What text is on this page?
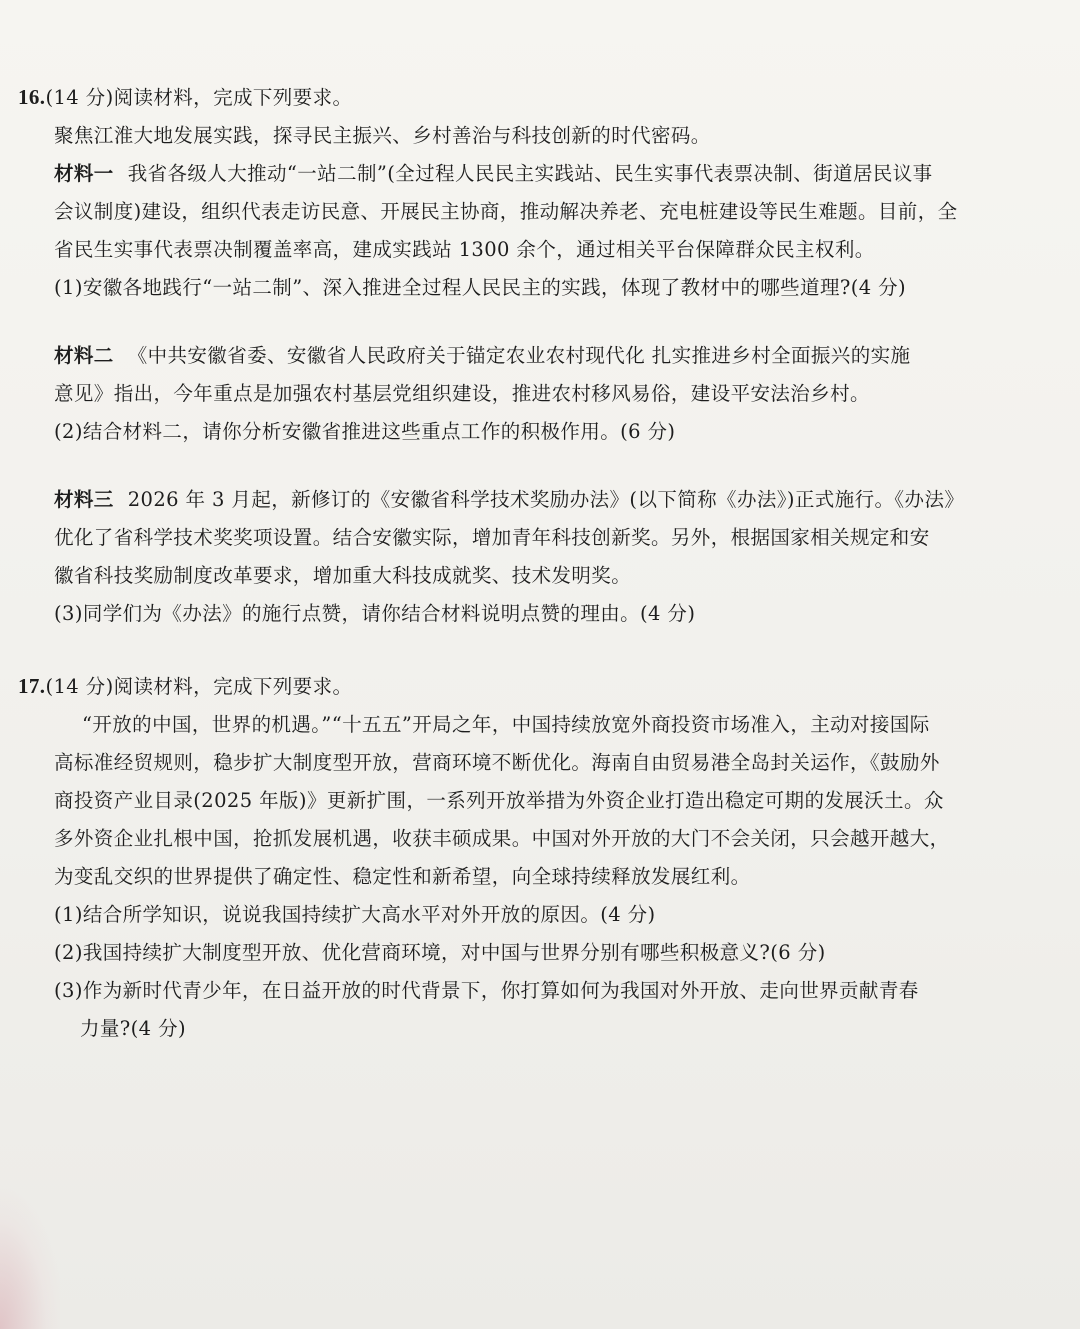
16.(14 分)阅读材料，完成下列要求。
聚焦江淮大地发展实践，探寻民主振兴、乡村善治与科技创新的时代密码。
材料一 我省各级人大推动“一站二制”(全过程人民民主实践站、民生实事代表票决制、街道居民议事
会议制度)建设，组织代表走访民意、开展民主协商，推动解决养老、充电桩建设等民生难题。目前，全
省民生实事代表票决制覆盖率高，建成实践站 1300 余个，通过相关平台保障群众民主权利。
(1)安徽各地践行“一站二制”、深入推进全过程人民民主的实践，体现了教材中的哪些道理?(4 分)
材料二 《中共安徽省委、安徽省人民政府关于锚定农业农村现代化 扎实推进乡村全面振兴的实施
意见》指出，今年重点是加强农村基层党组织建设，推进农村移风易俗，建设平安法治乡村。
(2)结合材料二，请你分析安徽省推进这些重点工作的积极作用。(6 分)
材料三 2026 年 3 月起，新修订的《安徽省科学技术奖励办法》(以下简称《办法》)正式施行。《办法》
优化了省科学技术奖奖项设置。结合安徽实际，增加青年科技创新奖。另外，根据国家相关规定和安
徽省科技奖励制度改革要求，增加重大科技成就奖、技术发明奖。
(3)同学们为《办法》的施行点赞，请你结合材料说明点赞的理由。(4 分)
17.(14 分)阅读材料，完成下列要求。
“开放的中国，世界的机遇。”“十五五”开局之年，中国持续放宽外商投资市场准入，主动对接国际
高标准经贸规则，稳步扩大制度型开放，营商环境不断优化。海南自由贸易港全岛封关运作，《鼓励外
商投资产业目录(2025 年版)》更新扩围，一系列开放举措为外资企业打造出稳定可期的发展沃土。众
多外资企业扎根中国，抢抓发展机遇，收获丰硕成果。中国对外开放的大门不会关闭，只会越开越大，
为变乱交织的世界提供了确定性、稳定性和新希望，向全球持续释放发展红利。
(1)结合所学知识，说说我国持续扩大高水平对外开放的原因。(4 分)
(2)我国持续扩大制度型开放、优化营商环境，对中国与世界分别有哪些积极意义?(6 分)
(3)作为新时代青少年，在日益开放的时代背景下，你打算如何为我国对外开放、走向世界贡献青春
力量?(4 分)
